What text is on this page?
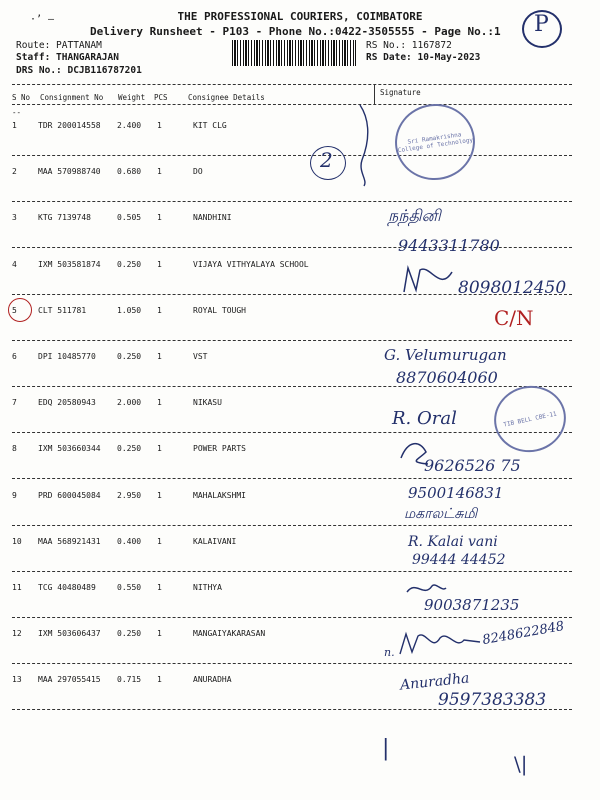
·’ —	THE PROFESSIONAL COURIERS, COIMBATORE
Delivery Runsheet - P103 - Phone No.:0422-3505555 - Page No.:1 P
Route: PATTANAM
Staff: THANGARAJAN
DRS No.: DCJB116787201
RS No.: 1167872
RS Date: 10-May-2023
S No Consignment No Weight PCS	Consignee Details
Signature
--
1	TDR 200014558 2.400 1	KIT CLG
2	MAA 570988740 0.680 1	DO
3	KTG 7139748	0.505 1	NANDHINI
4	IXM 503581874 0.250 1	VIJAYA VITHYALAYA SCHOOL
5	CLT 511781	1.050 1	ROYAL TOUGH
6	DPI 10485770	0.250 1	VST
7	EDQ 20580943	2.000 1	NIKASU
8	IXM 503660344 0.250 1	POWER PARTS
9	PRD 600045084 2.950 1	MAHALAKSHMI
10 MAA 568921431 0.400 1	KALAIVANI
11 TCG 40480489	0.550 1	NITHYA
12 IXM 503606437 0.250 1	MANGAIYAKARASAN
13 MAA 297055415 0.715 1	ANURADHA
Sri Ramakrishna College of Technology
2
நந்தினி
9443311780
8098012450
C/N
G. Velumurugan
8870604060
R. Oral	TIB BELL CBE-11
9626526 75
9500146831
மகாலட்சுமி
R. Kalai vani
99444 44452
9003871235
n.
8248622848
Anuradha
9597383383
|
\|
